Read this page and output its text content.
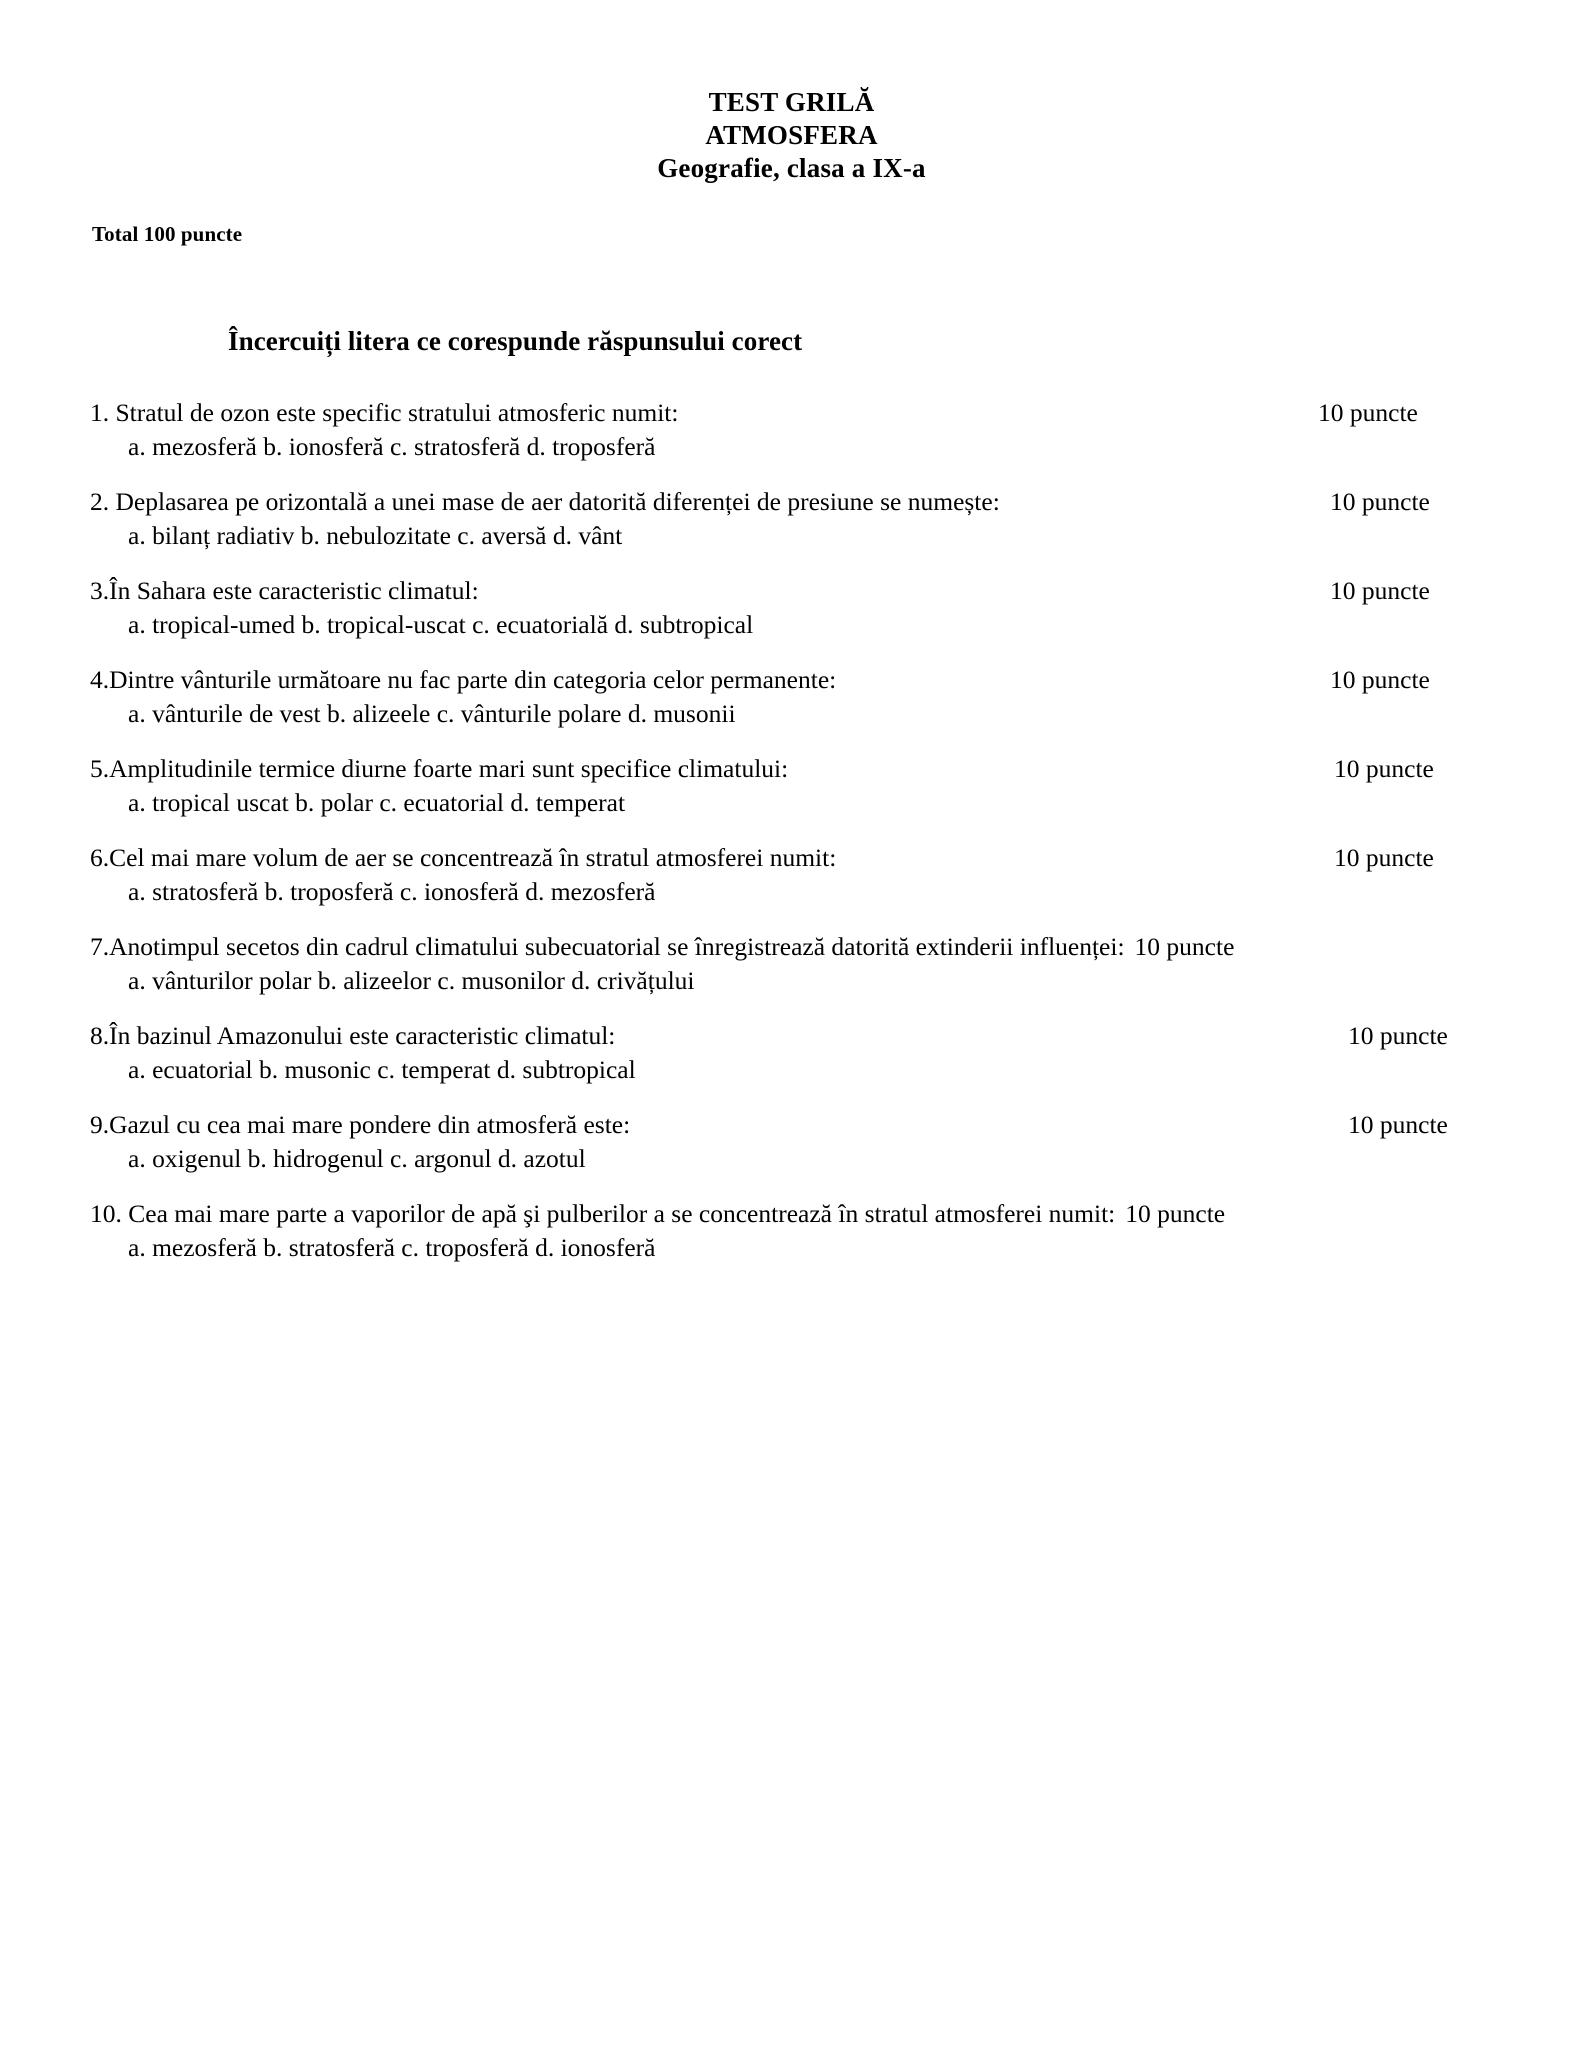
TEST GRILĂ
ATMOSFERA
Geografie, clasa a IX-a
Total 100 puncte
Încercuiți litera ce corespunde răspunsului corect
1. Stratul de ozon este specific stratului atmosferic numit:	10 puncte
a. mezosferă b. ionosferă c. stratosferă d. troposferă
2. Deplasarea pe orizontală a unei mase de aer datorită diferenței de presiune se numește:	10 puncte
a. bilanț radiativ b. nebulozitate c. aversă d. vânt
3.În Sahara este caracteristic climatul:	10 puncte
a. tropical-umed b. tropical-uscat c. ecuatorială d. subtropical
4.Dintre vânturile următoare nu fac parte din categoria celor permanente:	10 puncte
a. vânturile de vest b. alizeele c. vânturile polare d. musonii
5.Amplitudinile termice diurne foarte mari sunt specifice climatului:	10 puncte
a. tropical uscat b. polar c. ecuatorial d. temperat
6.Cel mai mare volum de aer se concentrează în stratul atmosferei numit:	10 puncte
a. stratosferă b. troposferă c. ionosferă d. mezosferă
7.Anotimpul secetos din cadrul climatului subecuatorial se înregistrează datorită extinderii influenței: 10 puncte
a. vânturilor polar b. alizeelor c. musonilor d. crivățului
8.În bazinul Amazonului este caracteristic climatul:	10 puncte
a. ecuatorial b. musonic c. temperat d. subtropical
9.Gazul cu cea mai mare pondere din atmosferă este:	10 puncte
a. oxigenul b. hidrogenul c. argonul d. azotul
10. Cea mai mare parte a vaporilor de apă şi pulberilor a se concentrează în stratul atmosferei numit: 10 puncte
a. mezosferă b. stratosferă c. troposferă d. ionosferă
